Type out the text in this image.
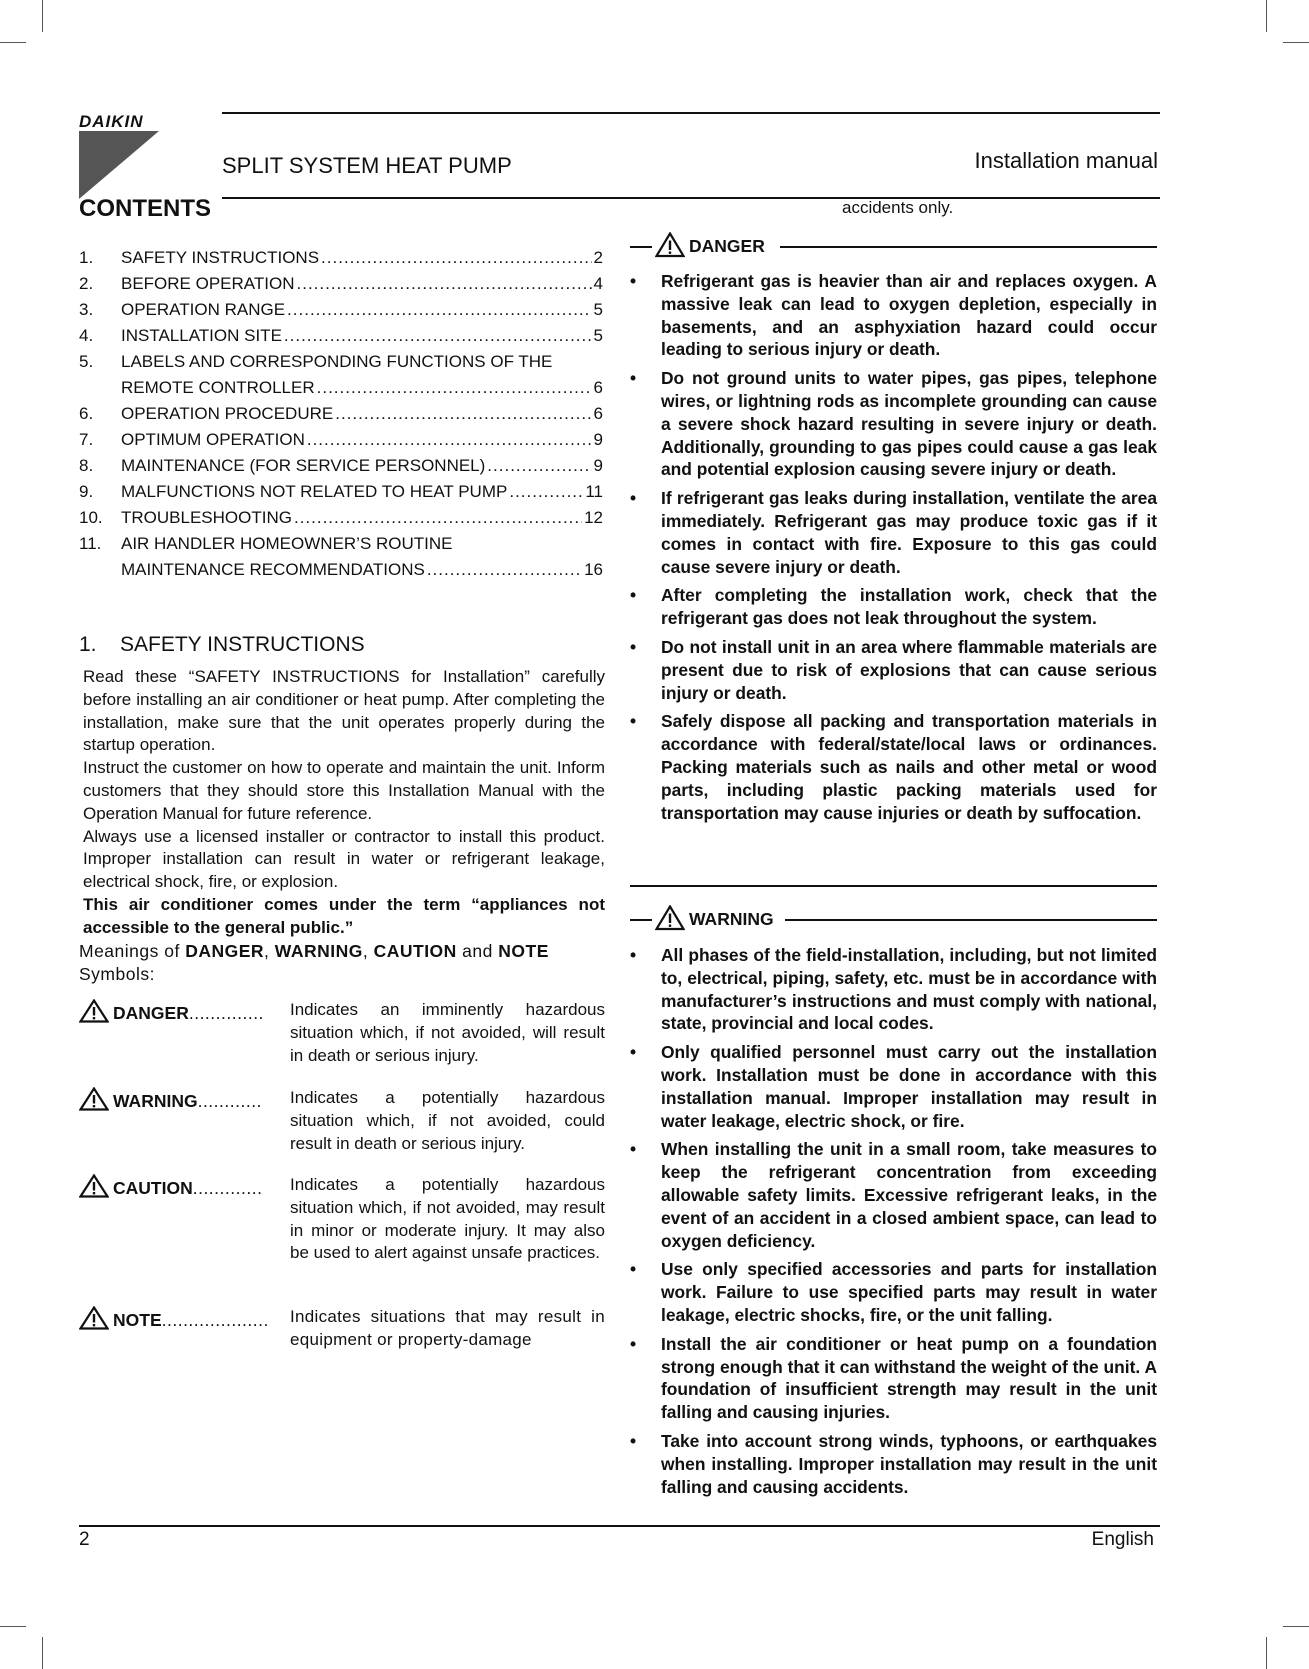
DAIKIN
SPLIT SYSTEM HEAT PUMP	Installation manual
CONTENTS
1.	SAFETY INSTRUCTIONS .....	2
2.	BEFORE OPERATION .....	4
3.	OPERATION RANGE .....	5
4.	INSTALLATION SITE .....	5
5.	LABELS AND CORRESPONDING FUNCTIONS OF THE
REMOTE CONTROLLER .....	6
6.	OPERATION PROCEDURE .....	6
7.	OPTIMUM OPERATION .....	9
8.	MAINTENANCE (FOR SERVICE PERSONNEL) .....	9
9.	MALFUNCTIONS NOT RELATED TO HEAT PUMP .....	11
10.	TROUBLESHOOTING .....	12
11.	AIR HANDLER HOMEOWNER’S ROUTINE
MAINTENANCE RECOMMENDATIONS .....	16
1. SAFETY INSTRUCTIONS

Read these “SAFETY INSTRUCTIONS for Installation” carefully before installing an air conditioner or heat pump. After completing the installation, make sure that the unit operates properly during the startup operation.

Instruct the customer on how to operate and maintain the unit. Inform customers that they should store this Installation Manual with the Operation Manual for future reference.

Always use a licensed installer or contractor to install this product. Improper installation can result in water or refrigerant leakage, electrical shock, fire, or explosion.

This air conditioner comes under the term “appliances not accessible to the general public.”

Meanings of DANGER, WARNING, CAUTION and NOTE
Symbols:
DANGER..............	Indicates an imminently hazardous situation which, if not avoided, will result in death or serious injury.
WARNING............	Indicates a potentially hazardous situation which, if not avoided, could result in death or serious injury.
CAUTION.............	Indicates a potentially hazardous situation which, if not avoided, may result in minor or moderate injury. It may also be used to alert against unsafe practices.
NOTE....................	Indicates situations that may result in equipment or property-damage
accidents only.
DANGER
• Refrigerant gas is heavier than air and replaces oxygen. A massive leak can lead to oxygen depletion, especially in basements, and an asphyxiation hazard could occur leading to serious injury or death.
• Do not ground units to water pipes, gas pipes, telephone wires, or lightning rods as incomplete grounding can cause a severe shock hazard resulting in severe injury or death. Additionally, grounding to gas pipes could cause a gas leak and potential explosion causing severe injury or death.
• If refrigerant gas leaks during installation, ventilate the area immediately. Refrigerant gas may produce toxic gas if it comes in contact with fire. Exposure to this gas could cause severe injury or death.
• After completing the installation work, check that the refrigerant gas does not leak throughout the system.
• Do not install unit in an area where flammable materials are present due to risk of explosions that can cause serious injury or death.
• Safely dispose all packing and transportation materials in accordance with federal/state/local laws or ordinances. Packing materials such as nails and other metal or wood parts, including plastic packing materials used for transportation may cause injuries or death by suffocation.
WARNING
• All phases of the field-installation, including, but not limited to, electrical, piping, safety, etc. must be in accordance with manufacturer’s instructions and must comply with national, state, provincial and local codes.
• Only qualified personnel must carry out the installation work. Installation must be done in accordance with this installation manual. Improper installation may result in water leakage, electric shock, or fire.
• When installing the unit in a small room, take measures to keep the refrigerant concentration from exceeding allowable safety limits. Excessive refrigerant leaks, in the event of an accident in a closed ambient space, can lead to oxygen deficiency.
• Use only specified accessories and parts for installation work. Failure to use specified parts may result in water leakage, electric shocks, fire, or the unit falling.
• Install the air conditioner or heat pump on a foundation strong enough that it can withstand the weight of the unit. A foundation of insufficient strength may result in the unit falling and causing injuries.
• Take into account strong winds, typhoons, or earthquakes when installing. Improper installation may result in the unit falling and causing accidents.
2	English
